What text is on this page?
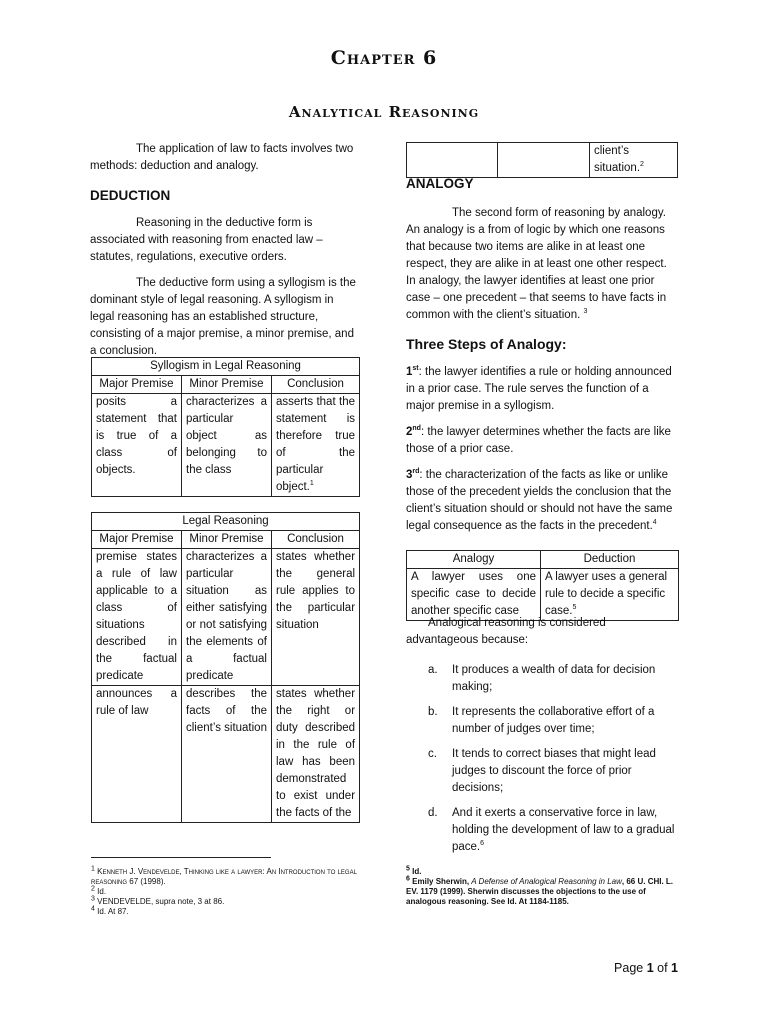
Chapter 6
Analytical Reasoning

The application of law to facts involves two methods: deduction and analogy.

DEDUCTION

Reasoning in the deductive form is associated with reasoning from enacted law – statutes, regulations, executive orders.

The deductive form using a syllogism is the dominant style of legal reasoning. A syllogism in legal reasoning has an established structure, consisting of a major premise, a minor premise, and a conclusion.

Syllogism in Legal Reasoning		
Major Premise	Minor Premise	Conclusion
posits a statement that is true of a class of objects.	characterizes a particular object as belonging to the class	asserts that the statement is therefore true of the particular object.$^1$
Legal Reasoning		
Major Premise	Minor Premise	Conclusion
premise states a rule of law applicable to a class of situations described in the factual predicate	characterizes a particular situation as either satisfying or not satisfying the elements of a factual predicate	states whether the general rule applies to the particular situation
announces a rule of law	describes the facts of the client’s situation	states whether the right or duty described in the rule of law has been demonstrated to exist under the facts of the
$^1$ Kenneth J. Vendevelde, Thinking like a lawyer: An Introduction to legal reasoning 67 (1998).
$^2$ Id.
$^3$ VENDEVELDE, supra note, 3 at 86.
$^4$ Id. At 87.
		client’s situation.$^2$

ANALOGY

The second form of reasoning by analogy. An analogy is a from of logic by which one reasons that because two items are alike in at least one respect, they are alike in at least one other respect. In analogy, the lawyer identifies at least one prior case – one precedent – that seems to have facts in common with the client’s situation. $^3$

Three Steps of Analogy:

1st: the lawyer identifies a rule or holding announced in a prior case. The rule serves the function of a major premise in a syllogism.

2nd: the lawyer determines whether the facts are like those of a prior case.

3rd: the characterization of the facts as like or unlike those of the precedent yields the conclusion that the client’s situation should or should not have the same legal consequence as the facts in the precedent.$^4$

Analogy	Deduction
A lawyer uses one specific case to decide another specific case	A lawyer uses a general rule to decide a specific case.$^5$

Analogical reasoning is considered advantageous because:

a. It produces a wealth of data for decision making;
b. It represents the collaborative effort of a number of judges over time;
c. It tends to correct biases that might lead judges to discount the force of prior decisions;
d. And it exerts a conservative force in law, holding the development of law to a gradual pace.$^6$
$^5$ Id.
$^6$ Emily Sherwin, A Defense of Analogical Reasoning in Law, 66 U. CHI. L. EV. 1179 (1999). Sherwin discusses the objections to the use of analogous reasoning. See Id. At 1184-1185.
Page 1 of 1
